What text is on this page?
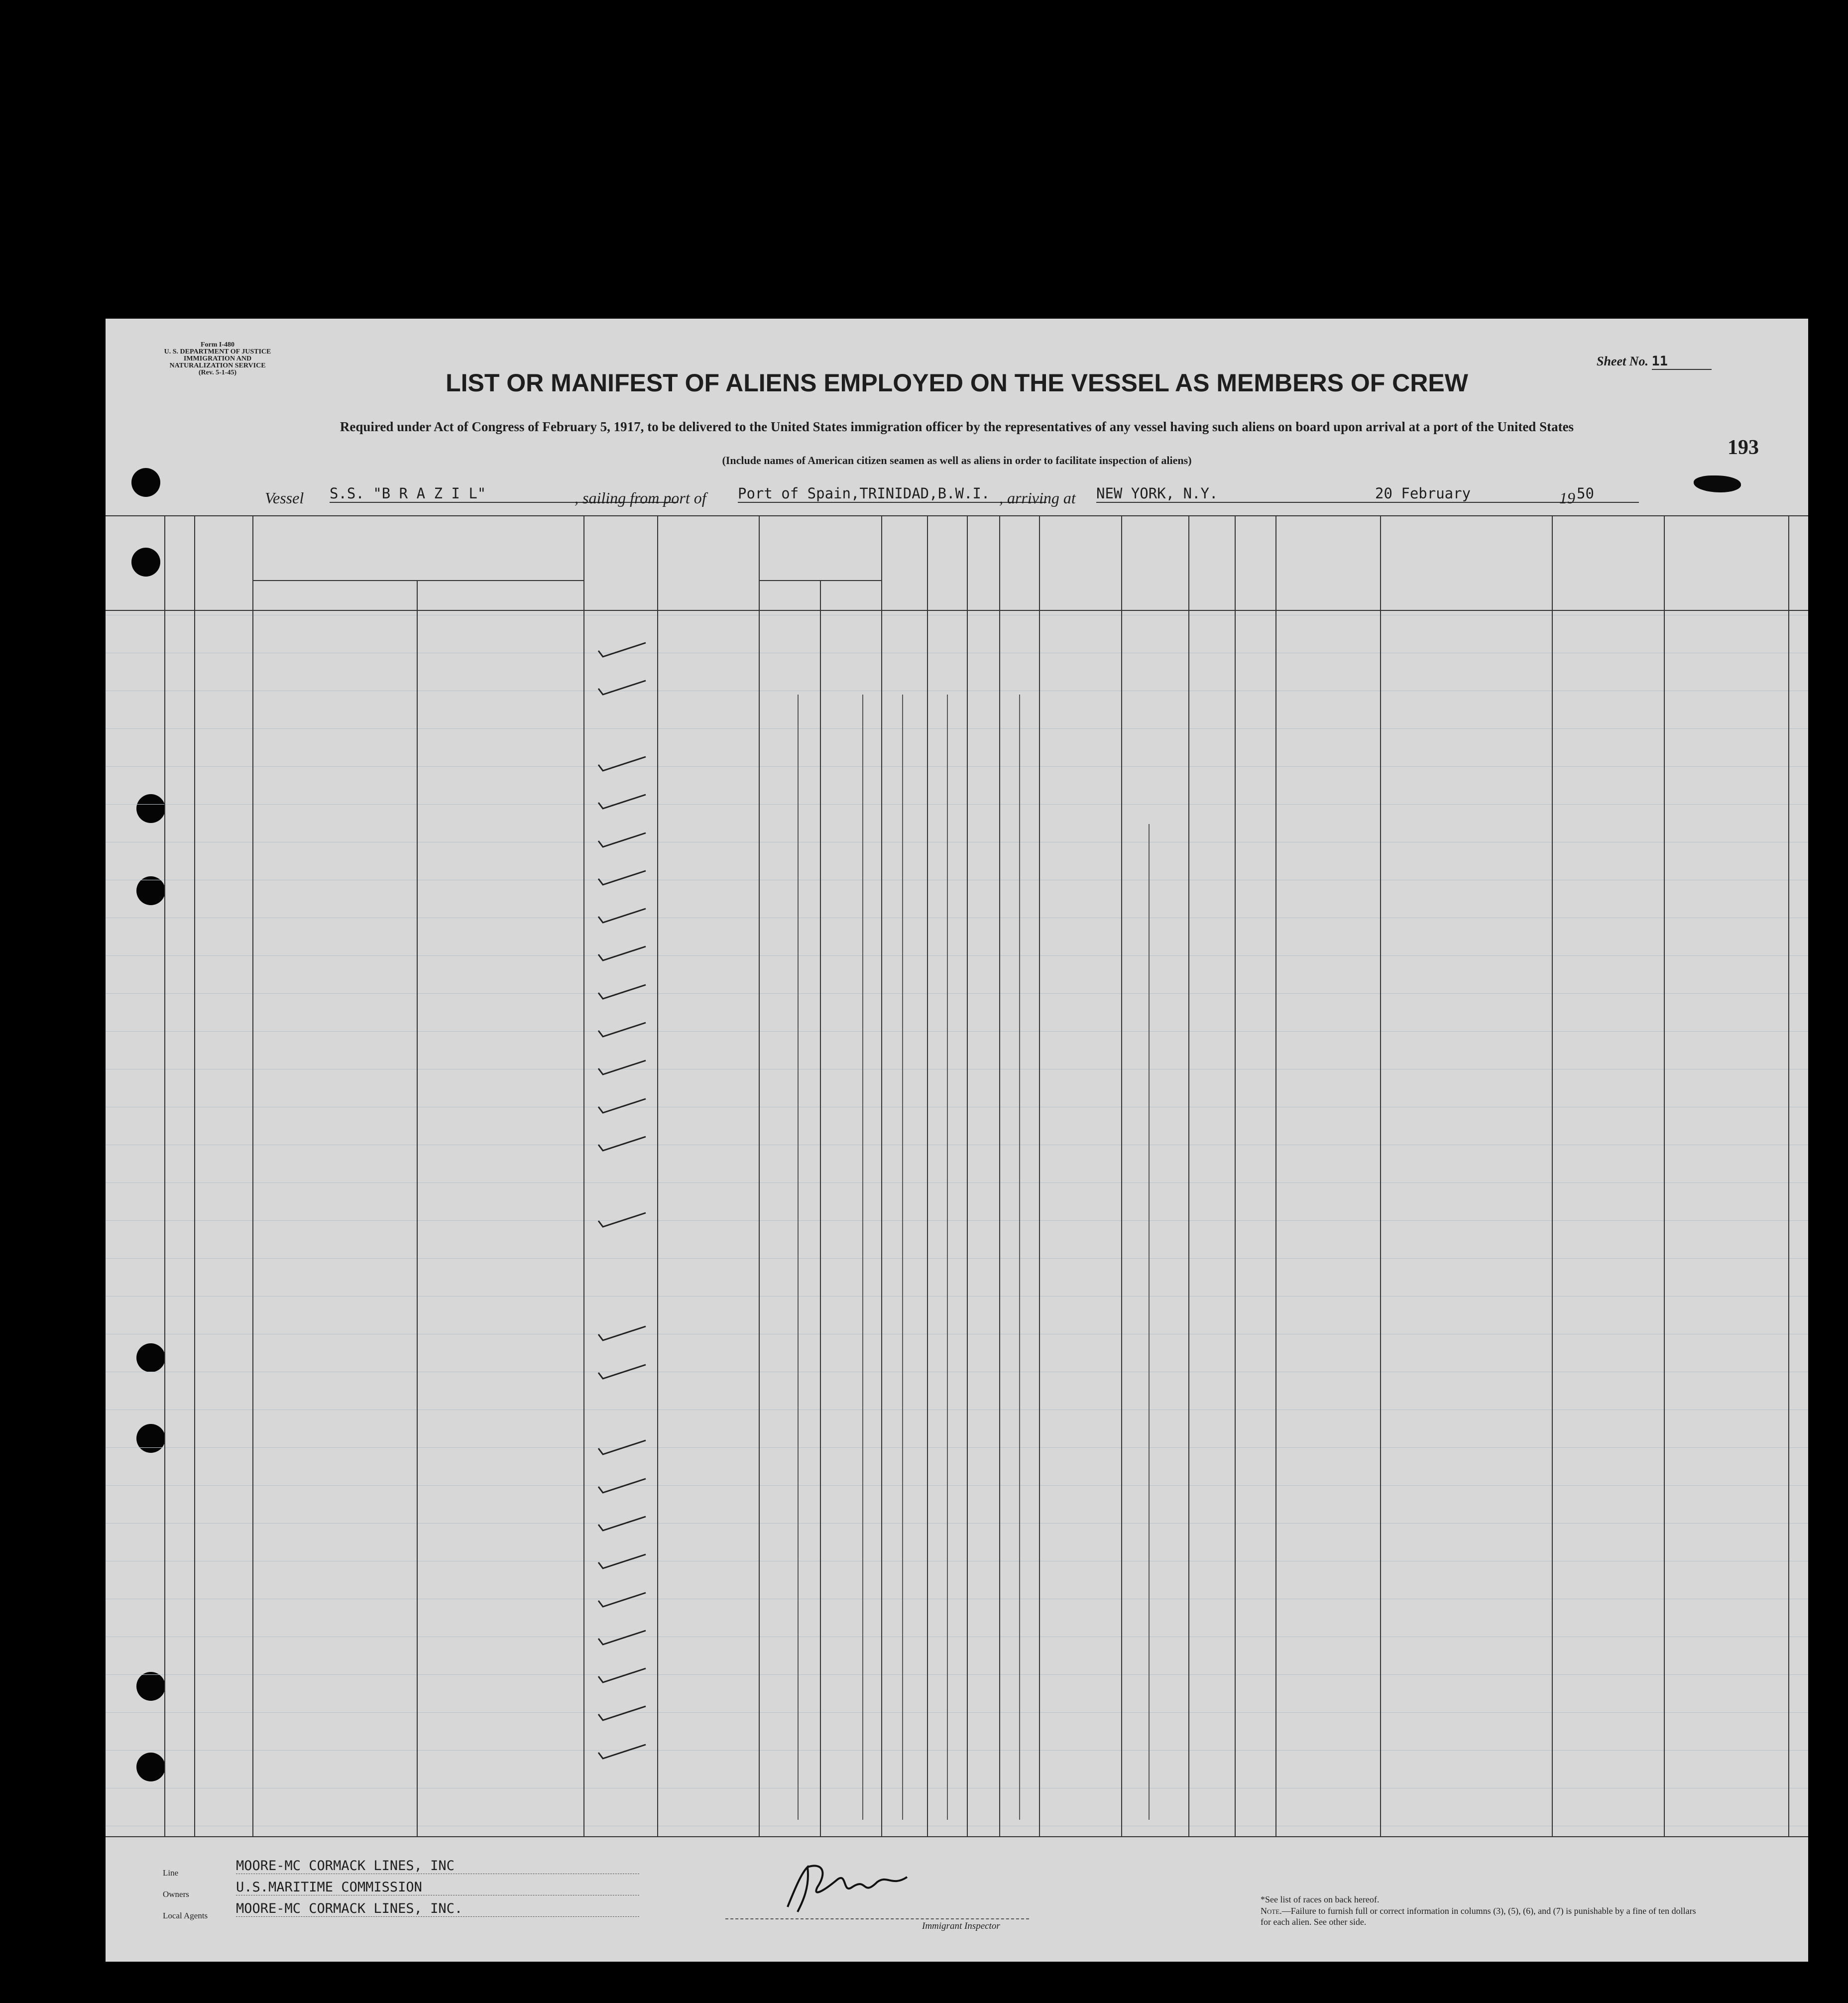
Form I-480
U. S. DEPARTMENT OF JUSTICE
IMMIGRATION AND NATURALIZATION SERVICE
(Rev. 5-1-45)
Sheet No. 11
LIST OR MANIFEST OF ALIENS EMPLOYED ON THE VESSEL AS MEMBERS OF CREW
Required under Act of Congress of February 5, 1917, to be delivered to the United States immigration officer by the representatives of any vessel having such aliens on board upon arrival at a port of the United States
(Include names of American citizen seamen as well as aliens in order to facilitate inspection of aliens)
193
Vessel S.S. "B R A Z I L"	, sailing from port of Port of Spain,TRINIDAD,B.W.I. , arriving at NEW YORK, N.Y.	20 February	19 50
Line	MOORE-MC CORMACK LINES, INC
Owners	U.S.MARITIME COMMISSION
Local Agents MOORE-MC CORMACK LINES, INC.
Immigrant Inspector
*See list of races on back hereof.
Note.—Failure to furnish full or correct information in columns (3), (5), (6), and (7) is punishable by a fine of ten dollars for each alien. See other side.
